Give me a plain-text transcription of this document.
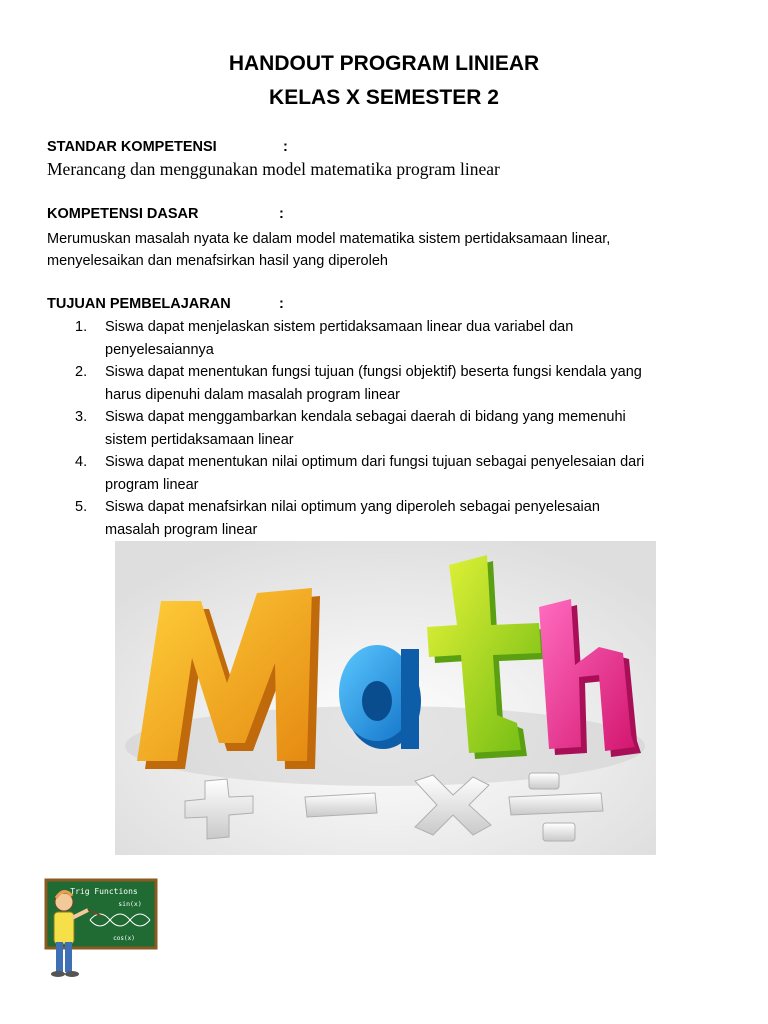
HANDOUT PROGRAM LINIEAR
KELAS X SEMESTER 2
STANDAR KOMPETENSI	:
Merancang dan menggunakan model matematika program linear
KOMPETENSI DASAR	:
Merumuskan masalah nyata ke dalam model matematika sistem pertidaksamaan linear,
menyelesaikan dan menafsirkan hasil yang diperoleh
TUJUAN PEMBELAJARAN	:
1. Siswa dapat menjelaskan sistem pertidaksamaan linear dua variabel dan
penyelesaiannya
2. Siswa dapat menentukan fungsi tujuan (fungsi objektif) beserta fungsi kendala yang
harus dipenuhi dalam masalah program linear
3. Siswa dapat menggambarkan kendala sebagai daerah di bidang yang memenuhi
sistem pertidaksamaan linear
4. Siswa dapat menentukan nilai optimum dari fungsi tujuan sebagai penyelesaian dari
program linear
5. Siswa dapat menafsirkan nilai optimum yang diperoleh sebagai penyelesaian
masalah program linear
Trig Functions
sin(x)
cos(x)
